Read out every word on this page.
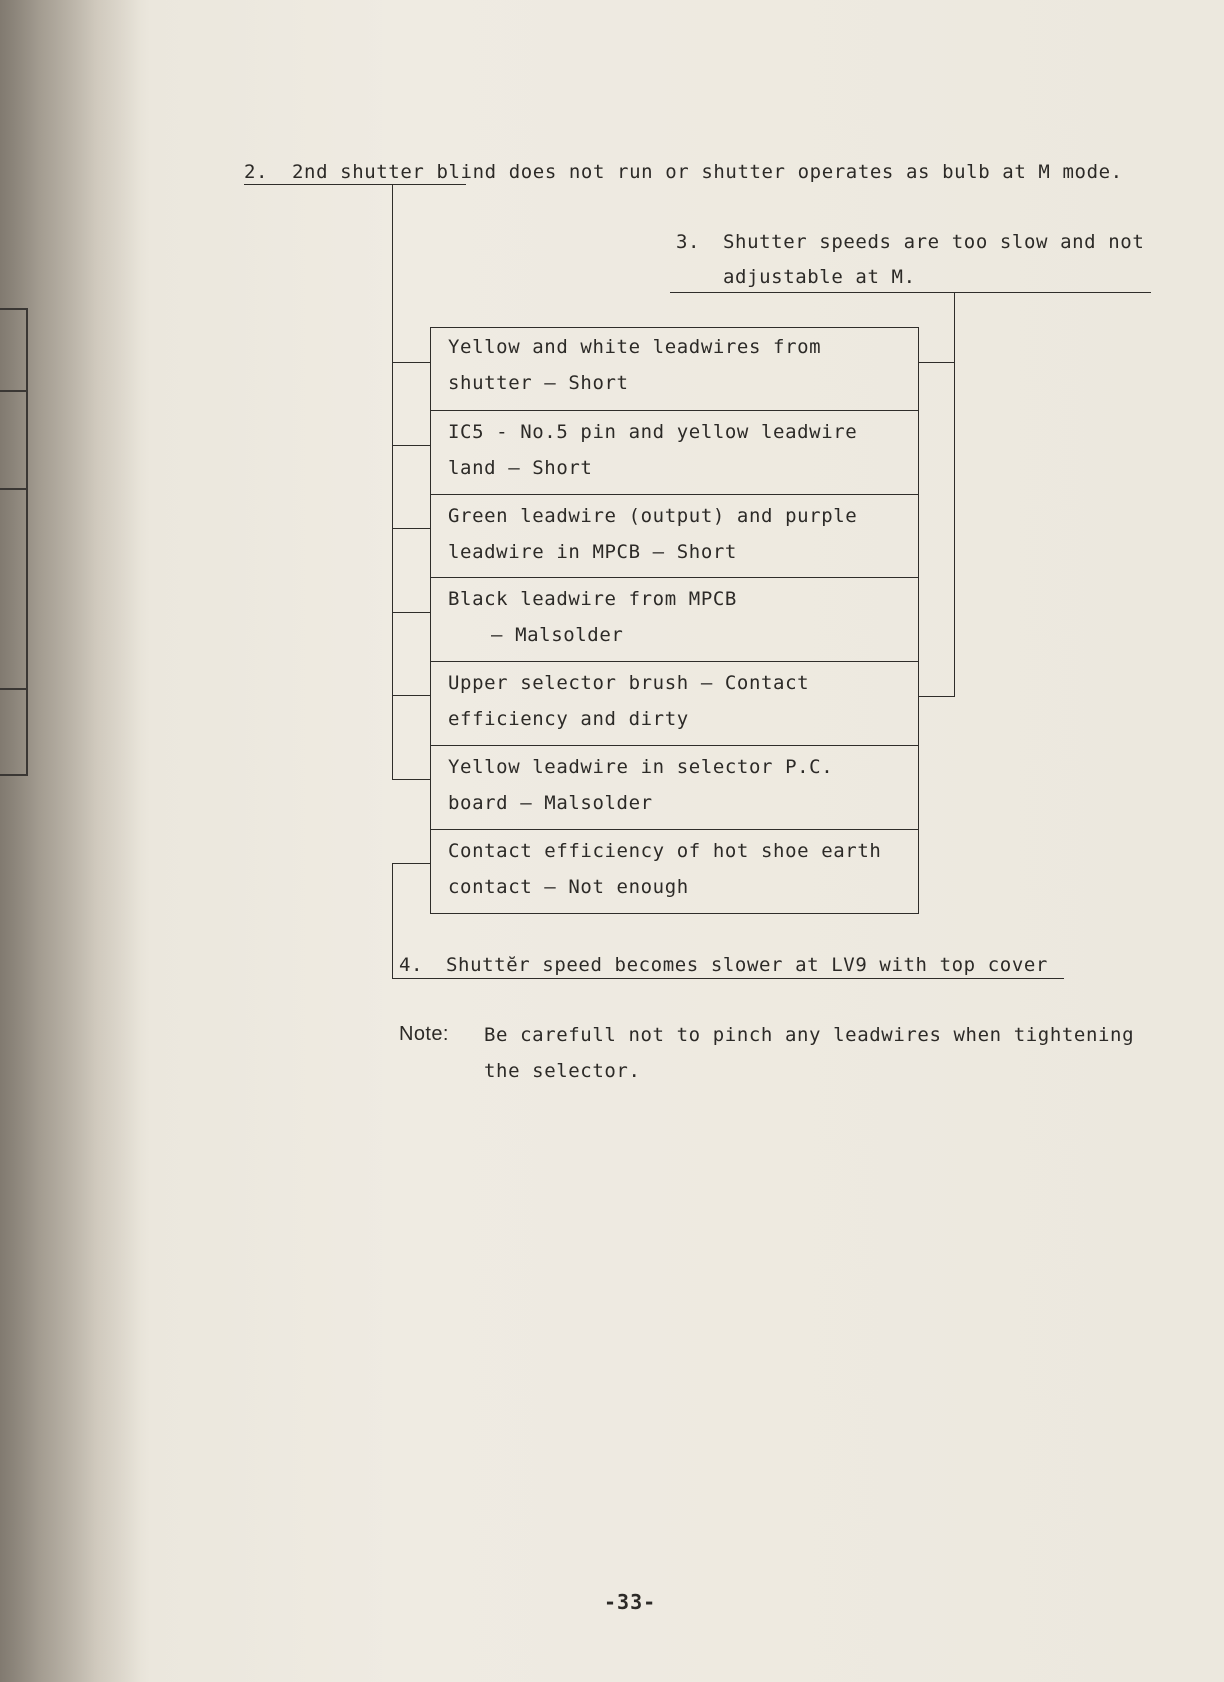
2. 2nd shutter blind does not run or shutter operates as bulb at M mode.
3. Shutter speeds are too slow and not
adjustable at M.
Yellow and white leadwires from
shutter — Short
IC5 - No.5 pin and yellow leadwire
land — Short
Green leadwire (output) and purple
leadwire in MPCB — Short
Black leadwire from MPCB
— Malsolder
Upper selector brush — Contact
efficiency and dirty
Yellow leadwire in selector P.C.
board — Malsolder
Contact efficiency of hot shoe earth
contact — Not enough
4. Shuttĕr speed becomes slower at LV9 with top cover
Note: Be carefull not to pinch any leadwires when tightening
the selector.
-33-
